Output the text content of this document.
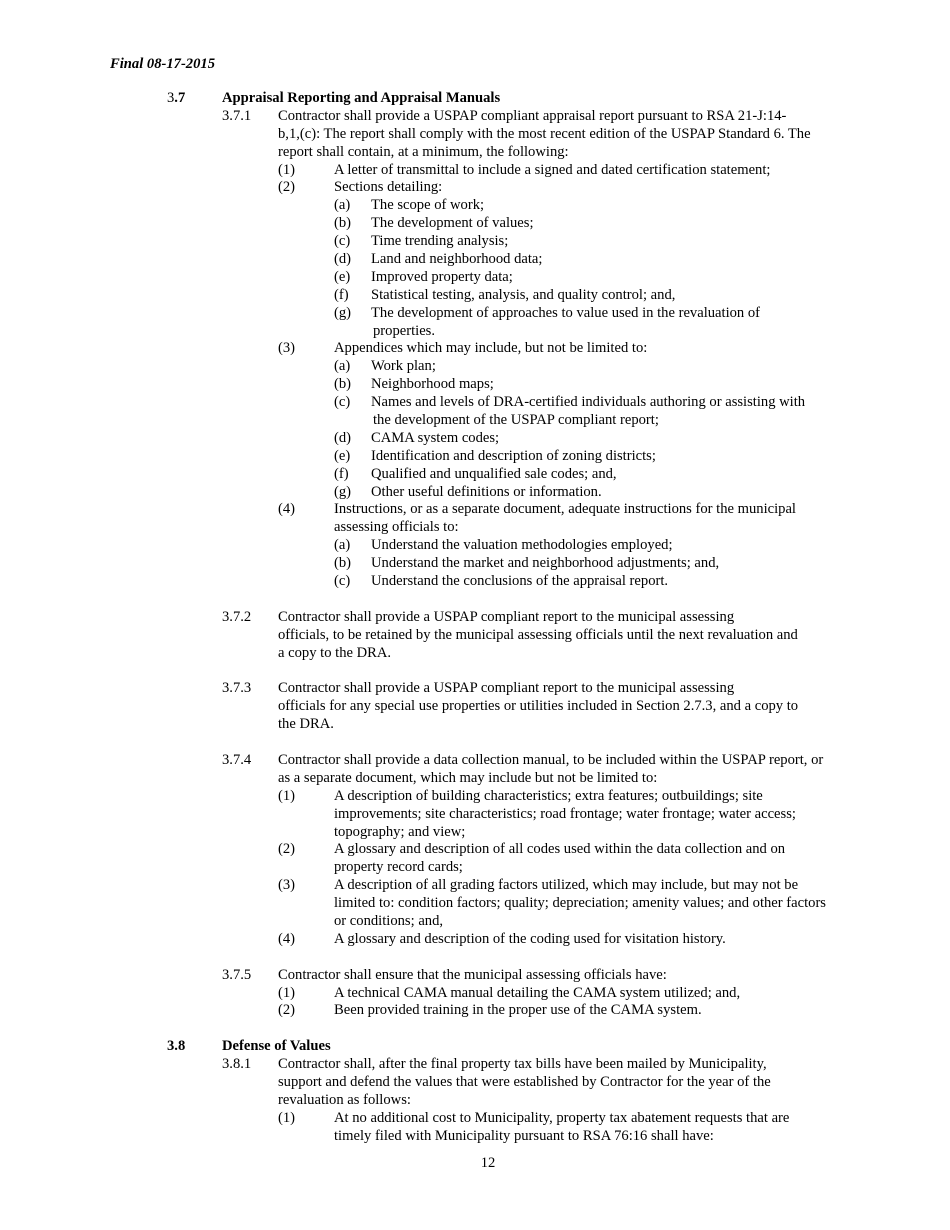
Final 08-17-2015
3.7	Appraisal Reporting and Appraisal Manuals
3.7.1 Contractor shall provide a USPAP compliant appraisal report pursuant to RSA 21-J:14-
b,1,(c): The report shall comply with the most recent edition of the USPAP Standard 6. The
report shall contain, at a minimum, the following:
(1)	A letter of transmittal to include a signed and dated certification statement;
(2)	Sections detailing:
(a) The scope of work;
(b) The development of values;
(c) Time trending analysis;
(d) Land and neighborhood data;
(e) Improved property data;
(f) Statistical testing, analysis, and quality control; and,
(g) The development of approaches to value used in the revaluation of
properties.
(3)	Appendices which may include, but not be limited to:
(a) Work plan;
(b) Neighborhood maps;
(c) Names and levels of DRA-certified individuals authoring or assisting with
the development of the USPAP compliant report;
(d) CAMA system codes;
(e) Identification and description of zoning districts;
(f) Qualified and unqualified sale codes; and,
(g) Other useful definitions or information.
(4)	Instructions, or as a separate document, adequate instructions for the municipal
assessing officials to:
(a) Understand the valuation methodologies employed;
(b) Understand the market and neighborhood adjustments; and,
(c) Understand the conclusions of the appraisal report.
3.7.2 Contractor shall provide a USPAP compliant report to the municipal assessing
officials, to be retained by the municipal assessing officials until the next revaluation and
a copy to the DRA.
3.7.3 Contractor shall provide a USPAP compliant report to the municipal assessing
officials for any special use properties or utilities included in Section 2.7.3, and a copy to
the DRA.
3.7.4 Contractor shall provide a data collection manual, to be included within the USPAP report, or
as a separate document, which may include but not be limited to:
(1)	A description of building characteristics; extra features; outbuildings; site
improvements; site characteristics; road frontage; water frontage; water access;
topography; and view;
(2)	A glossary and description of all codes used within the data collection and on
property record cards;
(3)	A description of all grading factors utilized, which may include, but may not be
limited to: condition factors; quality; depreciation; amenity values; and other factors
or conditions; and,
(4)	A glossary and description of the coding used for visitation history.
3.7.5 Contractor shall ensure that the municipal assessing officials have:
(1)	A technical CAMA manual detailing the CAMA system utilized; and,
(2)	Been provided training in the proper use of the CAMA system.
3.8	Defense of Values
3.8.1 Contractor shall, after the final property tax bills have been mailed by Municipality,
support and defend the values that were established by Contractor for the year of the
revaluation as follows:
(1)	At no additional cost to Municipality, property tax abatement requests that are
timely filed with Municipality pursuant to RSA 76:16 shall have:
12
